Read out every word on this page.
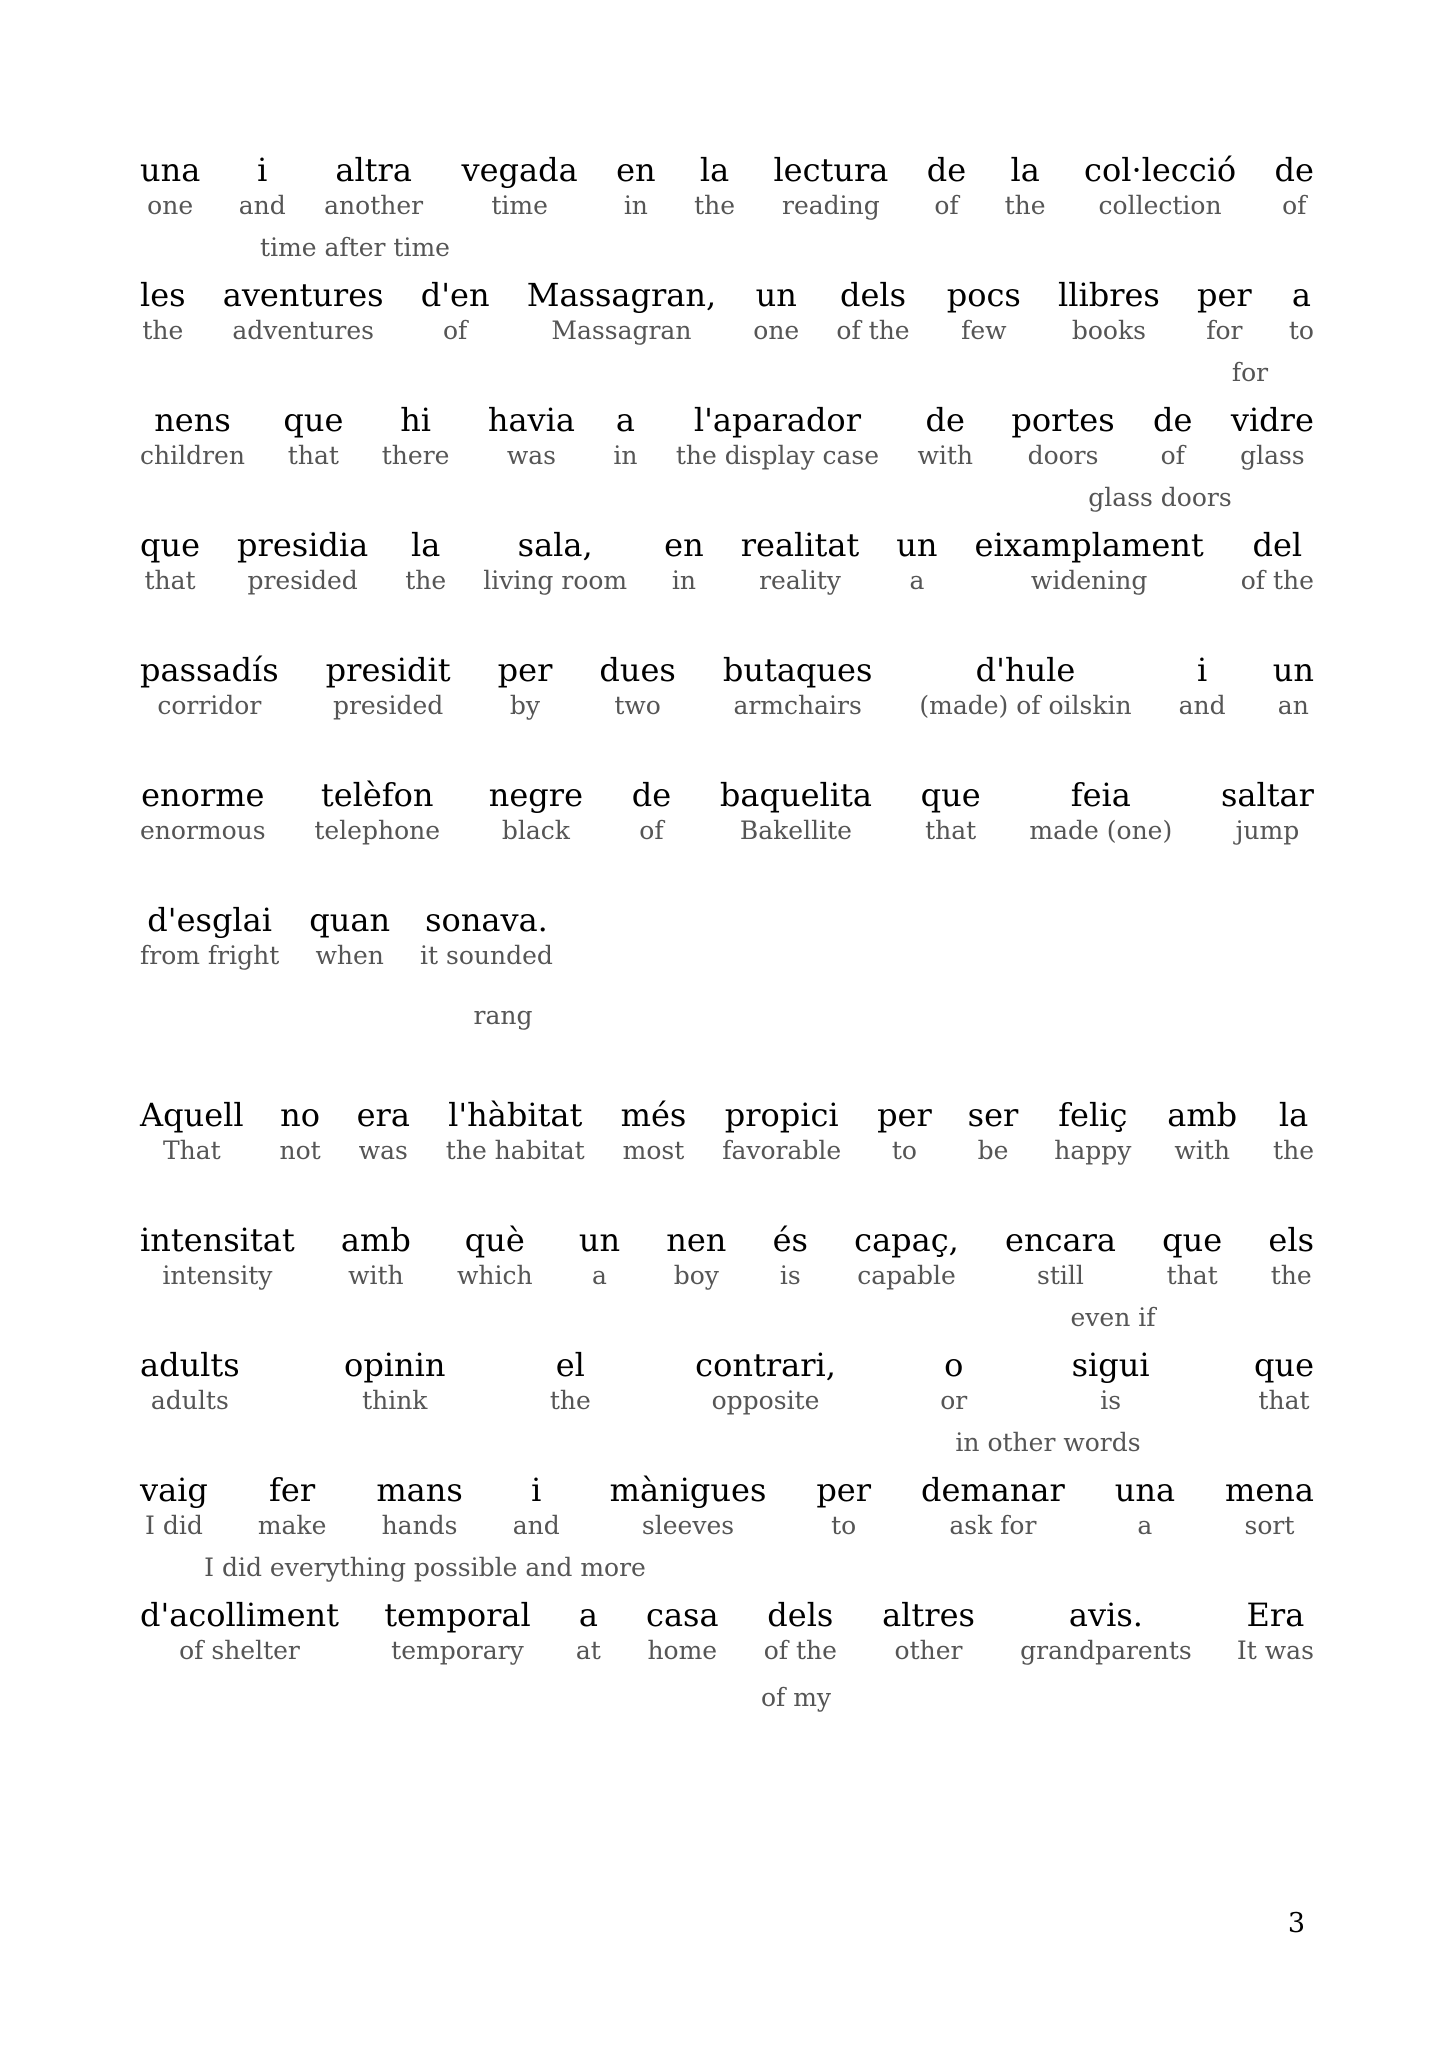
3
una
one
i
and
altra
another
vegada
time
en
in
la
the
lectura
reading
de
of
la
the
col·lecció
collection
de
of
time after time
les
the
aventures
adventures
d'en
of
Massagran,
Massagran
un
one
dels
of the
pocs
few
llibres
books
per
for
a
to
for
nens
children
que
that
hi
there
havia
was
a
in
l'aparador
the display case
de
with
portes
doors
de
of
vidre
glass
glass doors
que
that
presidia
presided
la
the
sala,
living room
en
in
realitat
reality
un
a
eixamplament
widening
del
of the
passadís
corridor
presidit
presided
per
by
dues
two
butaques
armchairs
d'hule
(made) of oilskin
i
and
un
an
enorme
enormous
telèfon
telephone
negre
black
de
of
baquelita
Bakellite
que
that
feia
made (one)
saltar
jump
d'esglai
from fright
quan
when
sonava.
it sounded
rang
Aquell
That
no
not
era
was
l'hàbitat
the habitat
més
most
propici
favorable
per
to
ser
be
feliç
happy
amb
with
la
the
intensitat
intensity
amb
with
què
which
un
a
nen
boy
és
is
capaç,
capable
encara
still
que
that
els
the
even if
adults
adults
opinin
think
el
the
contrari,
opposite
o
or
sigui
is
que
that
in other words
vaig
I did
fer
make
mans
hands
i
and
mànigues
sleeves
per
to
demanar
ask for
una
a
mena
sort
I did everything possible and more
d'acolliment
of shelter
temporal
temporary
a
at
casa
home
dels
of the
altres
other
avis.
grandparents
Era
It was
of my
